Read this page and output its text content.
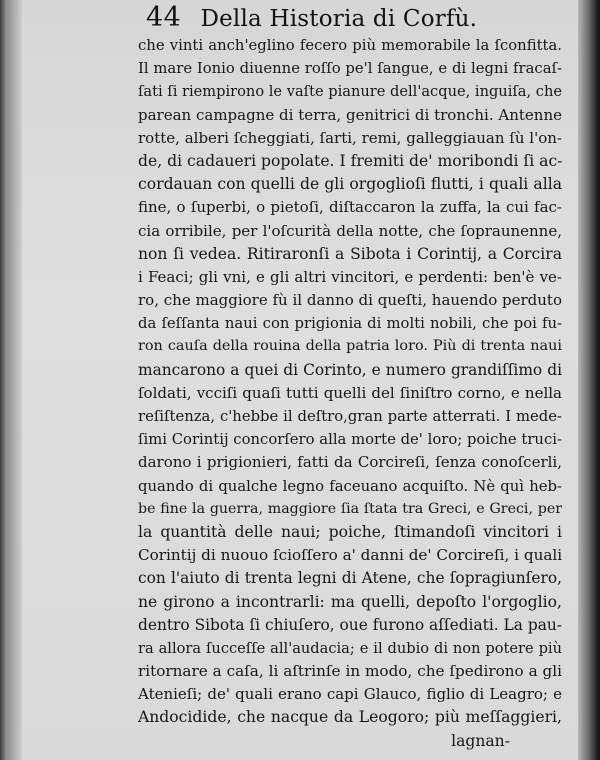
44 Della Historia di Corfù.
che vinti anch'eglino fecero più memorabile la ſconfitta.
Il mare Ionio diuenne roſſo pe'l ſangue, e di legni fracaſ-
ſati ſi riempirono le vaſte pianure dell'acque, inguiſa, che
parean campagne di terra, genitrici di tronchi. Antenne
rotte, alberi ſcheggiati, ſarti, remi, galleggiauan ſù l'on-
de, di cadaueri popolate. I fremiti de' moribondi ſi ac-
cordauan con quelli de gli orgoglioſi flutti, i quali alla
fine, o ſuperbi, o pietoſi, diſtaccaron la zuffa, la cui fac-
cia orribile, per l'oſcurità della notte, che ſopraunenne,
non ſi vedea. Ritiraronſi a Sibota i Corintij, a Corcira
i Feaci; gli vni, e gli altri vincitori, e perdenti: ben'è ve-
ro, che maggiore fù il danno di queſti, hauendo perduto
da ſeſſanta naui con prigionia di molti nobili, che poi fu-
ron cauſa della rouina della patria loro. Più di trenta naui
mancarono a quei di Corinto, e numero grandiſſimo di
ſoldati, vcciſi quaſi tutti quelli del ſiniſtro corno, e nella
reſiſtenza, c'hebbe il deſtro,gran parte atterrati. I mede-
ſimi Corintij concorſero alla morte de' loro; poiche truci-
darono i prigionieri, fatti da Corcireſi, ſenza conoſcerli,
quando di qualche legno faceuano acquiſto. Nè quì heb-
be fine la guerra, maggiore ſia ſtata tra Greci, e Greci, per
la quantità delle naui; poiche, ſtimandoſi vincitori i
Corintij di nuouo ſcioſſero a' danni de' Corcireſi, i quali
con l'aiuto di trenta legni di Atene, che ſopragiunſero,
ne girono a incontrarli: ma quelli, depoſto l'orgoglio,
dentro Sibota ſi chiuſero, oue furono aſſediati. La pau-
ra allora ſucceſſe all'audacia; e il dubio di non potere più
ritornare a caſa, li aſtrinſe in modo, che ſpedirono a gli
Atenieſi; de' quali erano capi Glauco, figlio di Leagro; e
Andocidide, che nacque da Leogoro; più meſſaggieri,
lagnan-
